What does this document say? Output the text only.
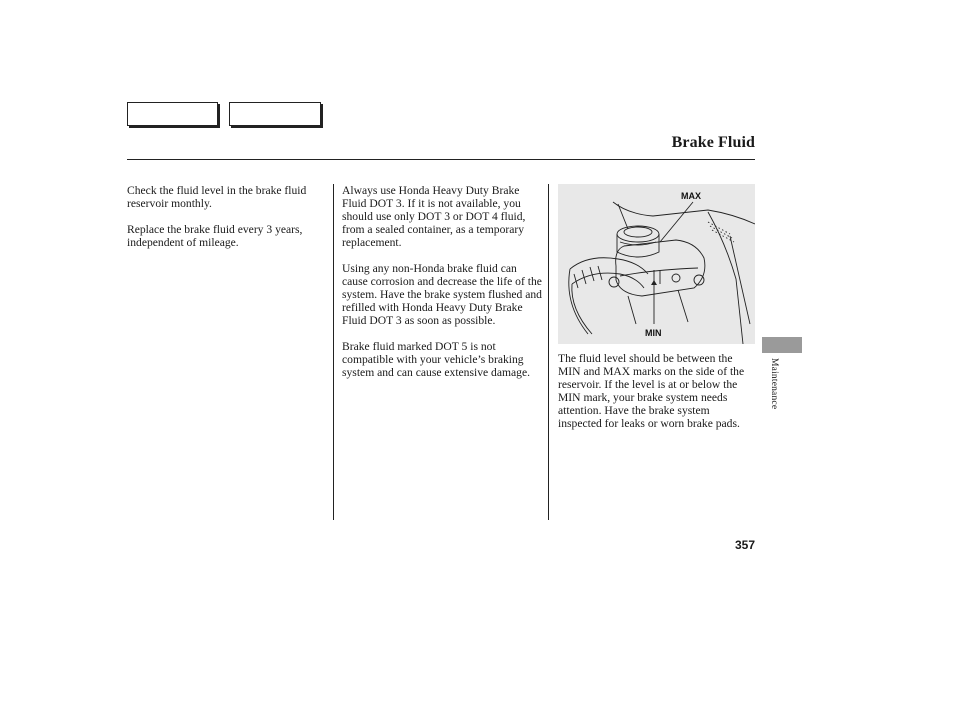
Brake Fluid

Check the fluid level in the brake fluid reservoir monthly.

Replace the brake fluid every 3 years, independent of mileage.

Always use Honda Heavy Duty Brake Fluid DOT 3. If it is not available, you should use only DOT 3 or DOT 4 fluid, from a sealed container, as a temporary replacement.

Using any non-Honda brake fluid can cause corrosion and decrease the life of the system. Have the brake system flushed and refilled with Honda Heavy Duty Brake Fluid DOT 3 as soon as possible.

Brake fluid marked DOT 5 is not compatible with your vehicle’s braking system and can cause extensive damage.

MAX
MIN

The fluid level should be between the MIN and MAX marks on the side of the reservoir. If the level is at or below the MIN mark, your brake system needs attention. Have the brake system inspected for leaks or worn brake pads.

Maintenance
357
